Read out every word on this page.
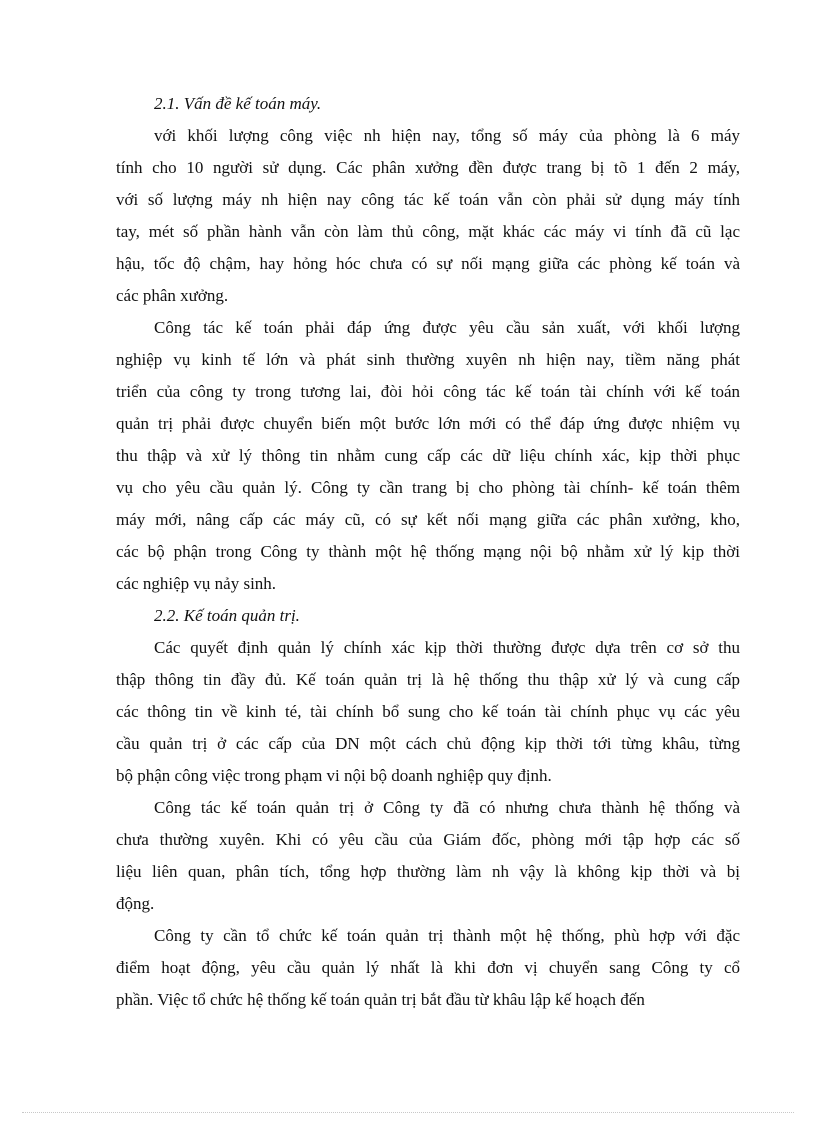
2.1. Vấn đề kế toán máy.
với khối lượng công việc nh hiện nay, tổng số máy của phòng là 6 máy
tính cho 10 người sử dụng. Các phân xưởng đền được trang bị tõ 1 đến 2 máy,
với số lượng máy nh hiện nay công tác kế toán vẫn còn phải sử dụng máy tính
tay, mét số phần hành vẫn còn làm thủ công, mặt khác các máy vi tính đã cũ lạc
hậu, tốc độ chậm, hay hỏng hóc chưa có sự nối mạng giữa các phòng kế toán và
các phân xưởng.
Công tác kế toán phải đáp ứng được yêu cầu sản xuất, với khối lượng
nghiệp vụ kinh tế lớn và phát sinh thường xuyên nh hiện nay, tiềm năng phát
triển của công ty trong tương lai, đòi hỏi công tác kế toán tài chính với kế toán
quản trị phải được chuyển biến một bước lớn mới có thể đáp ứng được nhiệm vụ
thu thập và xử lý thông tin nhằm cung cấp các dữ liệu chính xác, kịp thời phục
vụ cho yêu cầu quản lý. Công ty cần trang bị cho phòng tài chính- kế toán thêm
máy mới, nâng cấp các máy cũ, có sự kết nối mạng giữa các phân xưởng, kho,
các bộ phận trong Công ty thành một hệ thống mạng nội bộ nhằm xử lý kịp thời
các nghiệp vụ nảy sinh.
2.2. Kế toán quản trị.
Các quyết định quản lý chính xác kịp thời thường được dựa trên cơ sở thu
thập thông tin đầy đủ. Kế toán quản trị là hệ thống thu thập xử lý và cung cấp
các thông tin về kinh té, tài chính bổ sung cho kế toán tài chính phục vụ các yêu
cầu quản trị ở các cấp của DN một cách chủ động kịp thời tới từng khâu, từng
bộ phận công việc trong phạm vi nội bộ doanh nghiệp quy định.
Công tác kế toán quản trị ở Công ty đã có nhưng chưa thành hệ thống và
chưa thường xuyên. Khi có yêu cầu của Giám đốc, phòng mới tập hợp các số
liệu liên quan, phân tích, tổng hợp thường làm nh vậy là không kịp thời và bị
động.
Công ty cần tổ chức kế toán quản trị thành một hệ thống, phù hợp với đặc
điểm hoạt động, yêu cầu quản lý nhất là khi đơn vị chuyển sang Công ty cổ
phần. Việc tổ chức hệ thống kế toán quản trị bắt đầu từ khâu lập kế hoạch đến
